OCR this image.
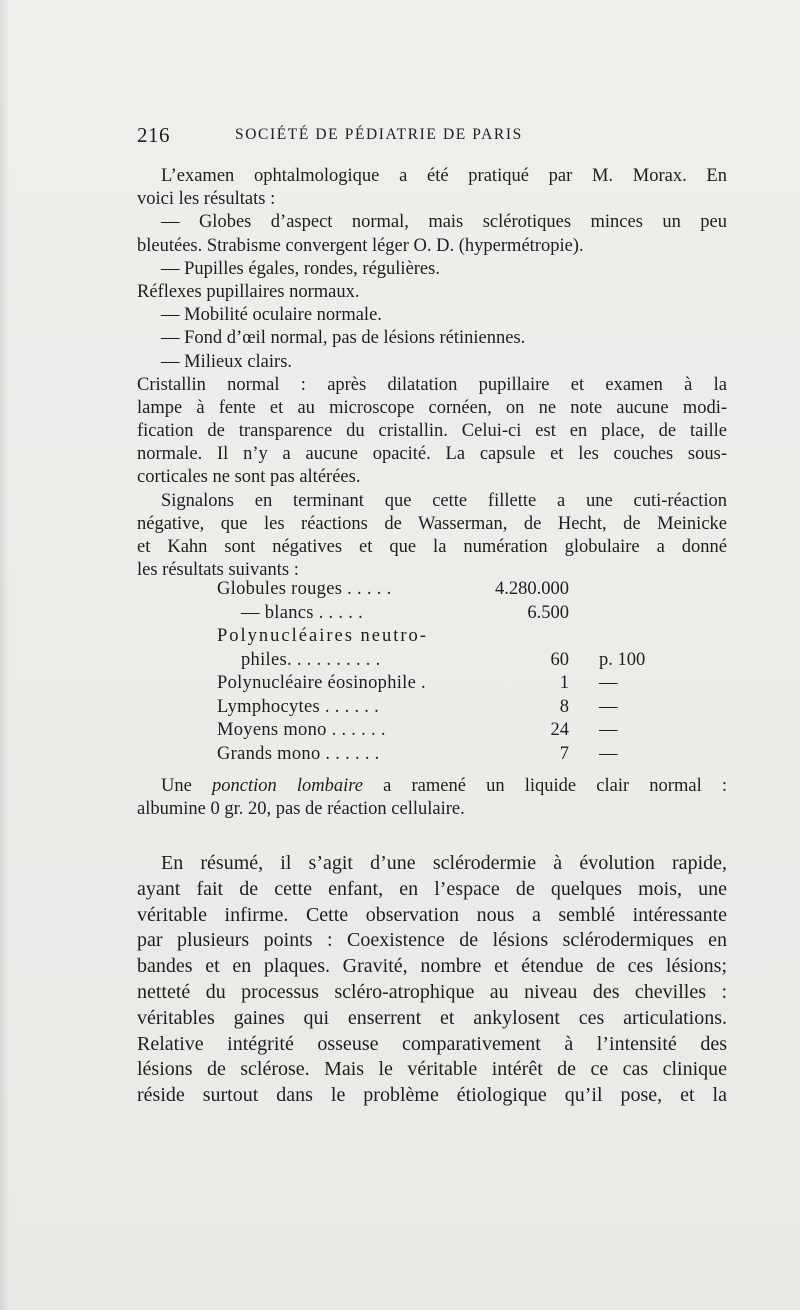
216	SOCIÉTÉ DE PÉDIATRIE DE PARIS
L’examen ophtalmologique a été pratiqué par M. Morax. En
voici les résultats :
— Globes d’aspect normal, mais sclérotiques minces un peu
bleutées. Strabisme convergent léger O. D. (hypermétropie).
— Pupilles égales, rondes, régulières.
Réflexes pupillaires normaux.
— Mobilité oculaire normale.
— Fond d’œil normal, pas de lésions rétiniennes.
— Milieux clairs.
Cristallin normal : après dilatation pupillaire et examen à la
lampe à fente et au microscope cornéen, on ne note aucune modi-
fication de transparence du cristallin. Celui-ci est en place, de taille
normale. Il n’y a aucune opacité. La capsule et les couches sous-
corticales ne sont pas altérées.
Signalons en terminant que cette fillette a une cuti-réaction
négative, que les réactions de Wasserman, de Hecht, de Meinicke
et Kahn sont négatives et que la numération globulaire a donné
les résultats suivants :
Globules rouges . . . . .	4.280.000
— blancs . . . . .	6.500
Polynucléaires neutro-
philes. . . . . . . . . .	60 p. 100
Polynucléaire éosinophile .	1 —
Lymphocytes . . . . . .	8 —
Moyens mono . . . . . .	24 —
Grands mono . . . . . .	7 —
Une ponction lombaire a ramené un liquide clair normal :
albumine 0 gr. 20, pas de réaction cellulaire.
En résumé, il s’agit d’une sclérodermie à évolution rapide,
ayant fait de cette enfant, en l’espace de quelques mois, une
véritable infirme. Cette observation nous a semblé intéressante
par plusieurs points : Coexistence de lésions sclérodermiques en
bandes et en plaques. Gravité, nombre et étendue de ces lésions;
netteté du processus scléro-atrophique au niveau des chevilles :
véritables gaines qui enserrent et ankylosent ces articulations.
Relative intégrité osseuse comparativement à l’intensité des
lésions de sclérose. Mais le véritable intérêt de ce cas clinique
réside surtout dans le problème étiologique qu’il pose, et la
